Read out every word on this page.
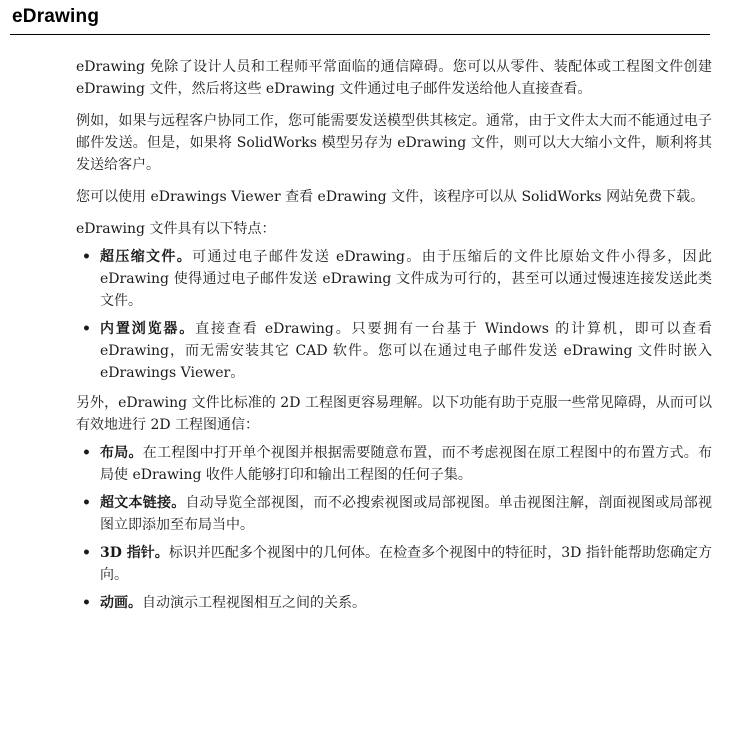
eDrawing

eDrawing 免除了设计人员和工程师平常面临的通信障碍。您可以从零件、装配体或工程图文件创建 eDrawing 文件，然后将这些 eDrawing 文件通过电子邮件发送给他人直接查看。

例如，如果与远程客户协同工作，您可能需要发送模型供其核定。通常，由于文件太大而不能通过电子邮件发送。但是，如果将 SolidWorks 模型另存为 eDrawing 文件，则可以大大缩小文件，顺利将其发送给客户。

您可以使用 eDrawings Viewer 查看 eDrawing 文件，该程序可以从 SolidWorks 网站免费下载。

eDrawing 文件具有以下特点：

• 超压缩文件。可通过电子邮件发送 eDrawing。由于压缩后的文件比原始文件小得多，因此 eDrawing 使得通过电子邮件发送 eDrawing 文件成为可行的，甚至可以通过慢速连接发送此类文件。
• 内置浏览器。直接查看 eDrawing。只要拥有一台基于 Windows 的计算机，即可以查看 eDrawing，而无需安装其它 CAD 软件。您可以在通过电子邮件发送 eDrawing 文件时嵌入 eDrawings Viewer。

另外，eDrawing 文件比标准的 2D 工程图更容易理解。以下功能有助于克服一些常见障碍，从而可以有效地进行 2D 工程图通信：

• 布局。在工程图中打开单个视图并根据需要随意布置，而不考虑视图在原工程图中的布置方式。布局使 eDrawing 收件人能够打印和输出工程图的任何子集。
• 超文本链接。自动导览全部视图，而不必搜索视图或局部视图。单击视图注解，剖面视图或局部视图立即添加至布局当中。
• 3D 指针。标识并匹配多个视图中的几何体。在检查多个视图中的特征时，3D 指针能帮助您确定方向。
• 动画。自动演示工程视图相互之间的关系。
